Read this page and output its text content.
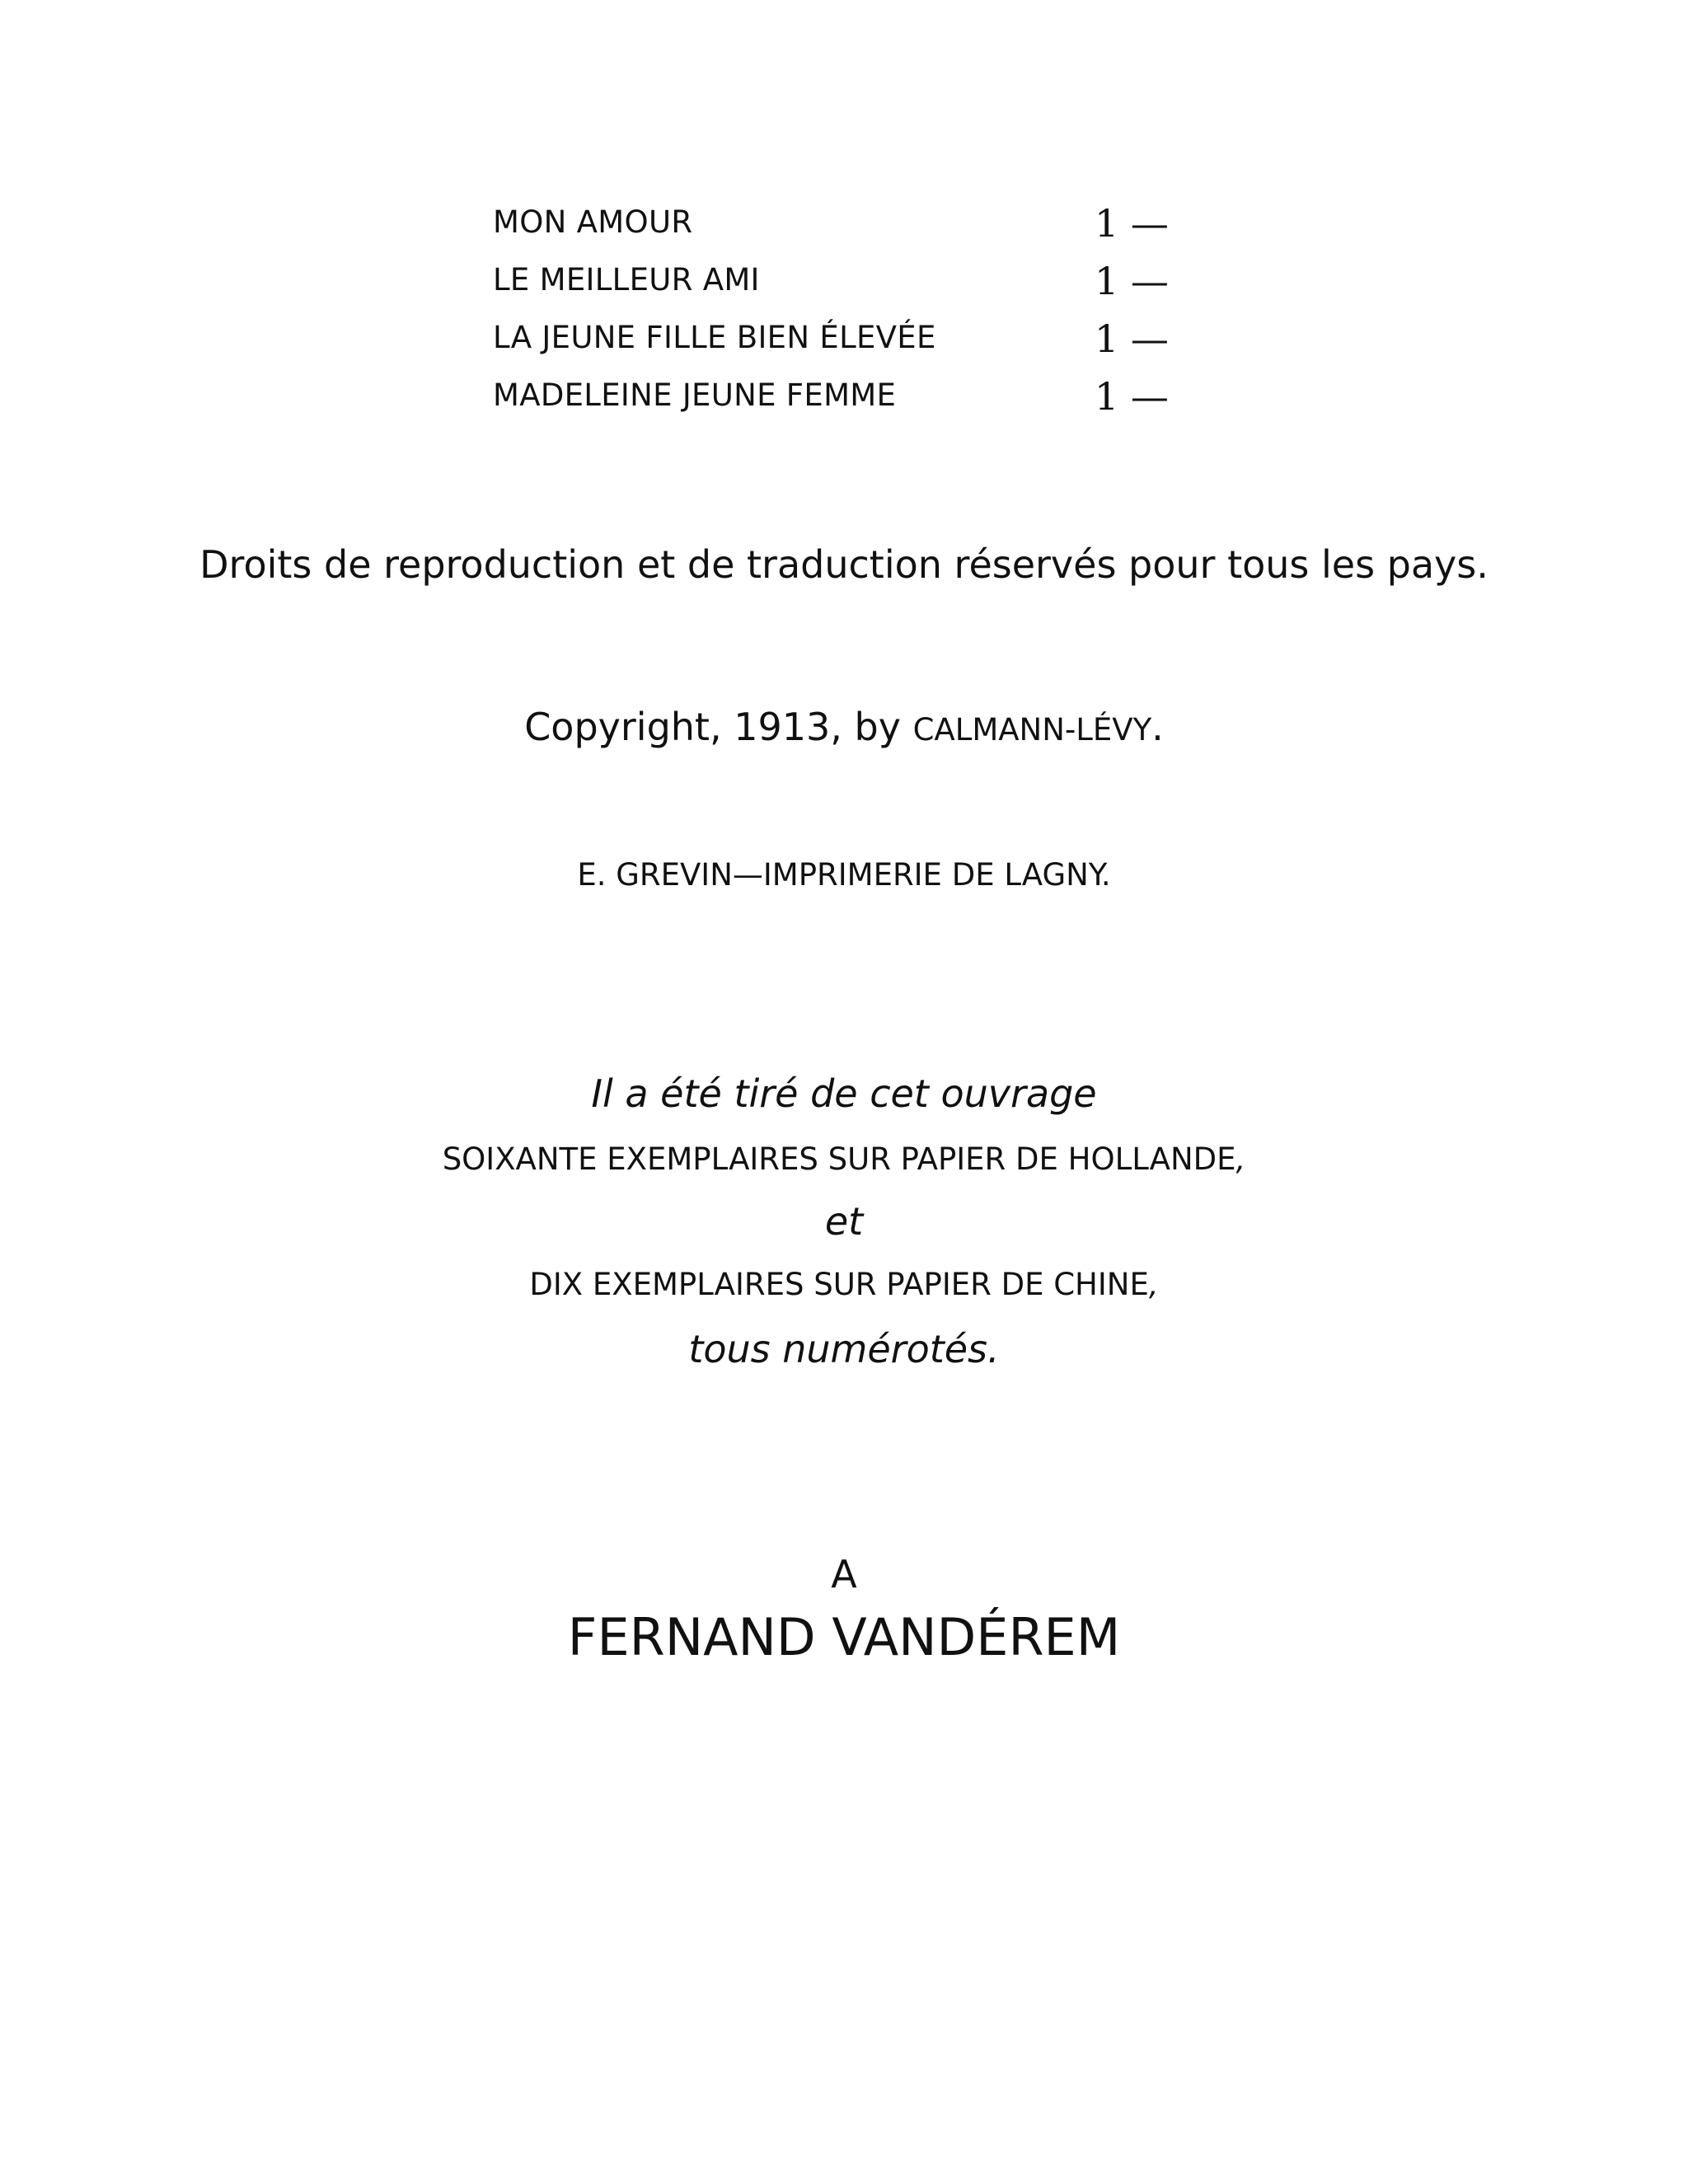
MON AMOUR	1 —
LE MEILLEUR AMI	1 —
LA JEUNE FILLE BIEN ÉLEVÉE	1 —
MADELEINE JEUNE FEMME	1 —
Droits de reproduction et de traduction réservés pour tous les pays.
Copyright, 1913, by CALMANN-LÉVY.
E. GREVIN—IMPRIMERIE DE LAGNY.
Il a été tiré de cet ouvrage
SOIXANTE EXEMPLAIRES SUR PAPIER DE HOLLANDE,
et
DIX EXEMPLAIRES SUR PAPIER DE CHINE,
tous numérotés.
A
FERNAND VANDÉREM
